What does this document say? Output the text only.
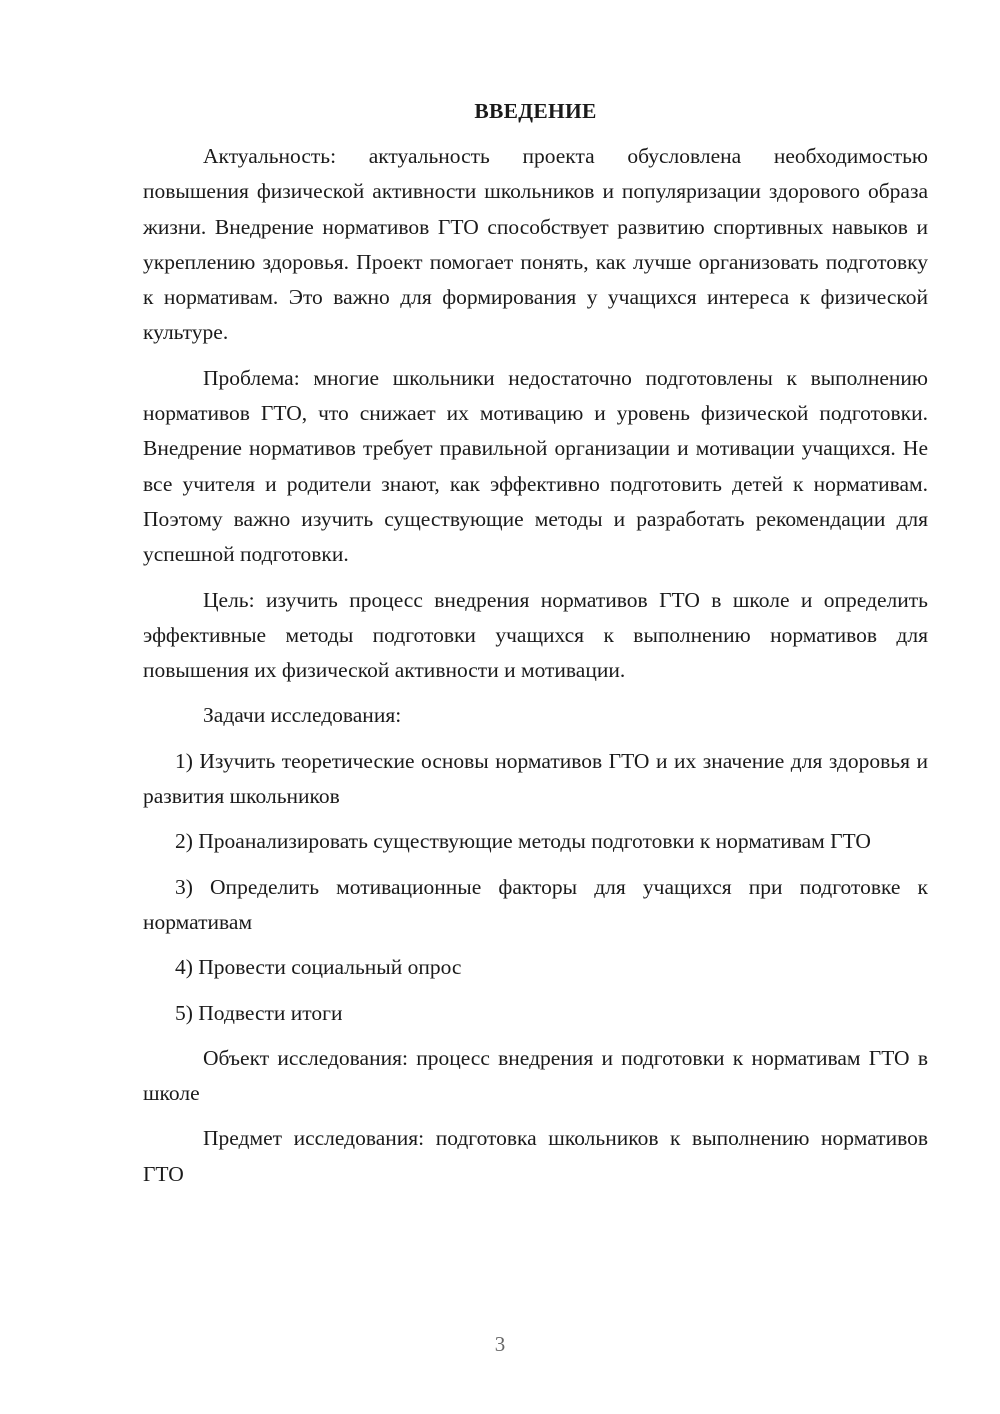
ВВЕДЕНИЕ

Актуальность: актуальность проекта обусловлена необходимостью повышения физической активности школьников и популяризации здорового образа жизни. Внедрение нормативов ГТО способствует развитию спортивных навыков и укреплению здоровья. Проект помогает понять, как лучше организовать подготовку к нормативам. Это важно для формирования у учащихся интереса к физической культуре.

Проблема: многие школьники недостаточно подготовлены к выполнению нормативов ГТО, что снижает их мотивацию и уровень физической подготовки. Внедрение нормативов требует правильной организации и мотивации учащихся. Не все учителя и родители знают, как эффективно подготовить детей к нормативам. Поэтому важно изучить существующие методы и разработать рекомендации для успешной подготовки.

Цель: изучить процесс внедрения нормативов ГТО в школе и определить эффективные методы подготовки учащихся к выполнению нормативов для повышения их физической активности и мотивации.

Задачи исследования:

1) Изучить теоретические основы нормативов ГТО и их значение для здоровья и развития школьников

2) Проанализировать существующие методы подготовки к нормативам ГТО

3) Определить мотивационные факторы для учащихся при подготовке к нормативам

4) Провести социальный опрос

5) Подвести итоги

Объект исследования: процесс внедрения и подготовки к нормативам ГТО в школе

Предмет исследования: подготовка школьников к выполнению нормативов ГТО

3
